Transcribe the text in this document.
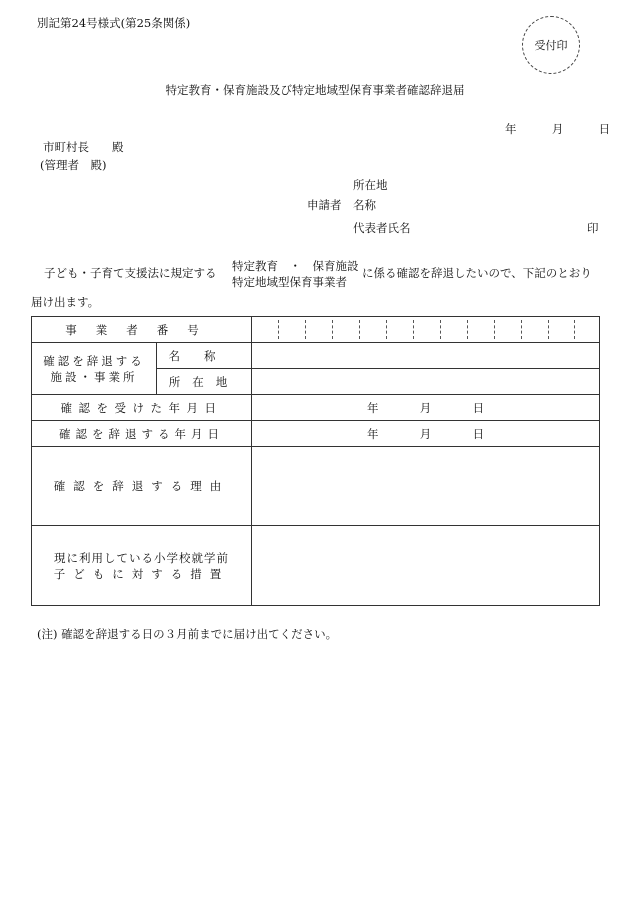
別記第24号様式(第25条関係)
受付印
特定教育・保育施設及び特定地域型保育事業者確認辞退届
年	月	日
市町村長　　殿
(管理者　殿)
所在地
申請者 名称
代表者氏名	印
子ども・子育て支援法に規定する 特定教育　・　保育施設
特定地域型保育事業者
に係る確認を辞退したいので、下記のとおり
届け出ます。
事業者番号		

確認を辞退する
施設・事業所	名称	
	所在地	
確認を受けた年月日		年 月 日
確認を辞退する年月日		年 月 日
確認を辞退する理由		

現に利用している小学校就学前
子どもに対する措置		

(注) 確認を辞退する日の３月前までに届け出てください。
